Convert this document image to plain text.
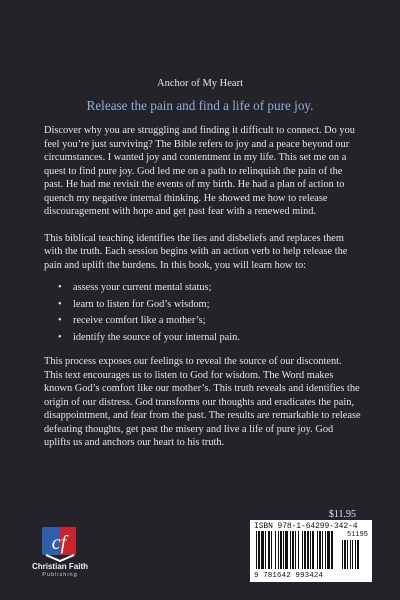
Anchor of My Heart
Release the pain and find a life of pure joy.

Discover why you are struggling and finding it difficult to connect. Do you feel you’re just surviving? The Bible refers to joy and a peace beyond our circumstances. I wanted joy and contentment in my life. This set me on a quest to find pure joy. God led me on a path to relinquish the pain of the past. He had me revisit the events of my birth. He had a plan of action to quench my negative internal thinking. He showed me how to release discouragement with hope and get past fear with a renewed mind.

This biblical teaching identifies the lies and disbeliefs and replaces them with the truth. Each session begins with an action verb to help release the pain and uplift the burdens. In this book, you will learn how to:

• assess your current mental status;
• learn to listen for God’s wisdom;
• receive comfort like a mother’s;
• identify the source of your internal pain.

This process exposes our feelings to reveal the source of our discontent. This text encourages us to listen to God for wisdom. The Word makes known God’s comfort like our mother’s. This truth reveals and identifies the origin of our distress. God transforms our thoughts and eradicates the pain, disappointment, and fear from the past. The results are remarkable to release defeating thoughts, get past the misery and live a life of pure joy. God uplifts us and anchors our heart to his truth.

$11.95
cf
Christian Faith
Publishing
ISBN 978-1-64299-342-4
51195
9 781642 993424
